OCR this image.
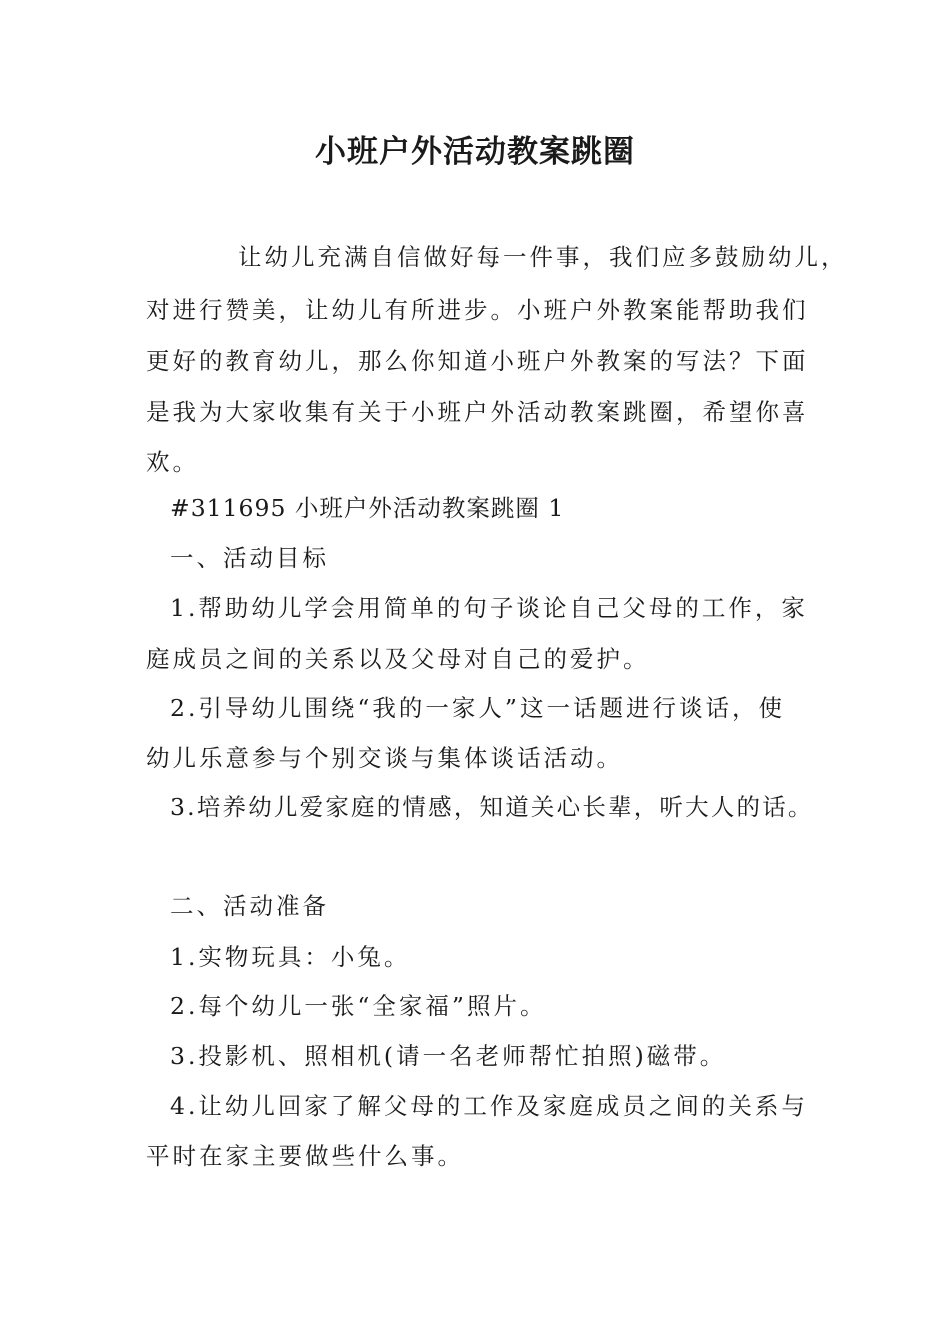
小班户外活动教案跳圈
让幼儿充满自信做好每一件事，我们应多鼓励幼儿，
对进行赞美，让幼儿有所进步。小班户外教案能帮助我们
更好的教育幼儿，那么你知道小班户外教案的写法？下面
是我为大家收集有关于小班户外活动教案跳圈，希望你喜
欢。
#311695 小班户外活动教案跳圈 1
一、活动目标
1.帮助幼儿学会用简单的句子谈论自己父母的工作，家
庭成员之间的关系以及父母对自己的爱护。
2.引导幼儿围绕“我的一家人”这一话题进行谈话，使
幼儿乐意参与个别交谈与集体谈话活动。
3.培养幼儿爱家庭的情感，知道关心长辈，听大人的话。
二、活动准备
1.实物玩具：小兔。
2.每个幼儿一张“全家福”照片。
3.投影机、照相机(请一名老师帮忙拍照)磁带。
4.让幼儿回家了解父母的工作及家庭成员之间的关系与
平时在家主要做些什么事。
